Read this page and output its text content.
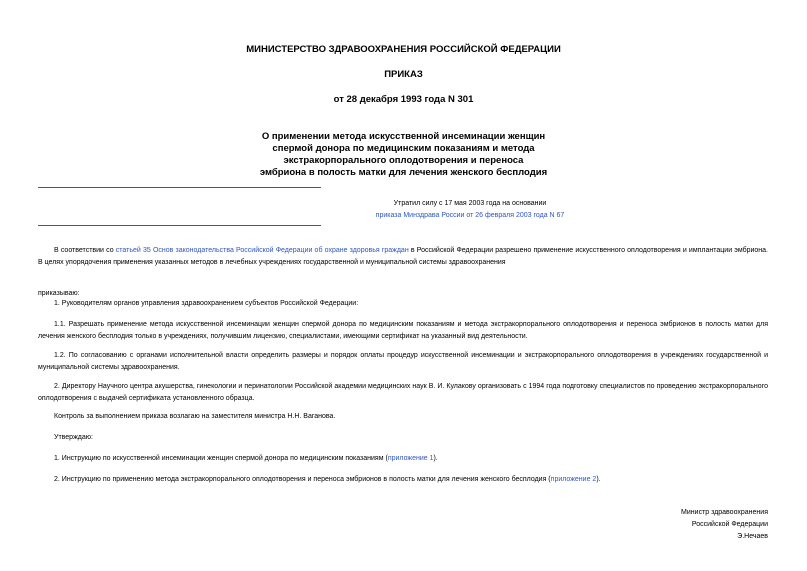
МИНИСТЕРСТВО ЗДРАВООХРАНЕНИЯ РОССИЙСКОЙ ФЕДЕРАЦИИ
ПРИКАЗ
от 28 декабря 1993 года N 301
О применении метода искусственной инсеминации женщин
спермой донора по медицинским показаниям и метода
экстракорпорального оплодотворения и переноса
эмбриона в полость матки для лечения женского бесплодия
Утратил силу с 17 мая 2003 года на основании
приказа Минздрава России от 26 февраля 2003 года N 67
В соответствии со статьей 35 Основ законодательства Российской Федерации об охране здоровья граждан в Российской Федерации разрешено применение искусственного оплодотворения и имплантации эмбриона. В целях упорядочения применения указанных методов в лечебных учреждениях государственной и муниципальной системы здравоохранения
приказываю:
1. Руководителям органов управления здравоохранением субъектов Российской Федерации:
1.1. Разрешать применение метода искусственной инсеминации женщин спермой донора по медицинским показаниям и метода экстракорпорального оплодотворения и переноса эмбрионов в полость матки для лечения женского бесплодия только в учреждениях, получившим лицензию, специалистами, имеющими сертификат на указанный вид деятельности.
1.2. По согласованию с органами исполнительной власти определить размеры и порядок оплаты процедур искусственной инсеминации и экстракорпорального оплодотворения в учреждениях государственной и муниципальной системы здравоохранения.
2. Директору Научного центра акушерства, гинекологии и перинатологии Российской академии медицинских наук В. И. Кулакову организовать с 1994 года подготовку специалистов по проведению экстракорпорального оплодотворения с выдачей сертификата установленного образца.
Контроль за выполнением приказа возлагаю на заместителя министра Н.Н. Ваганова.
Утверждаю:
1. Инструкцию по искусственной инсеминации женщин спермой донора по медицинским показаниям (приложение 1).
2. Инструкцию по применению метода экстракорпорального оплодотворения и переноса эмбрионов в полость матки для лечения женского бесплодия (приложение 2).
Министр здравоохранения
Российской Федерации
Э.Нечаев
